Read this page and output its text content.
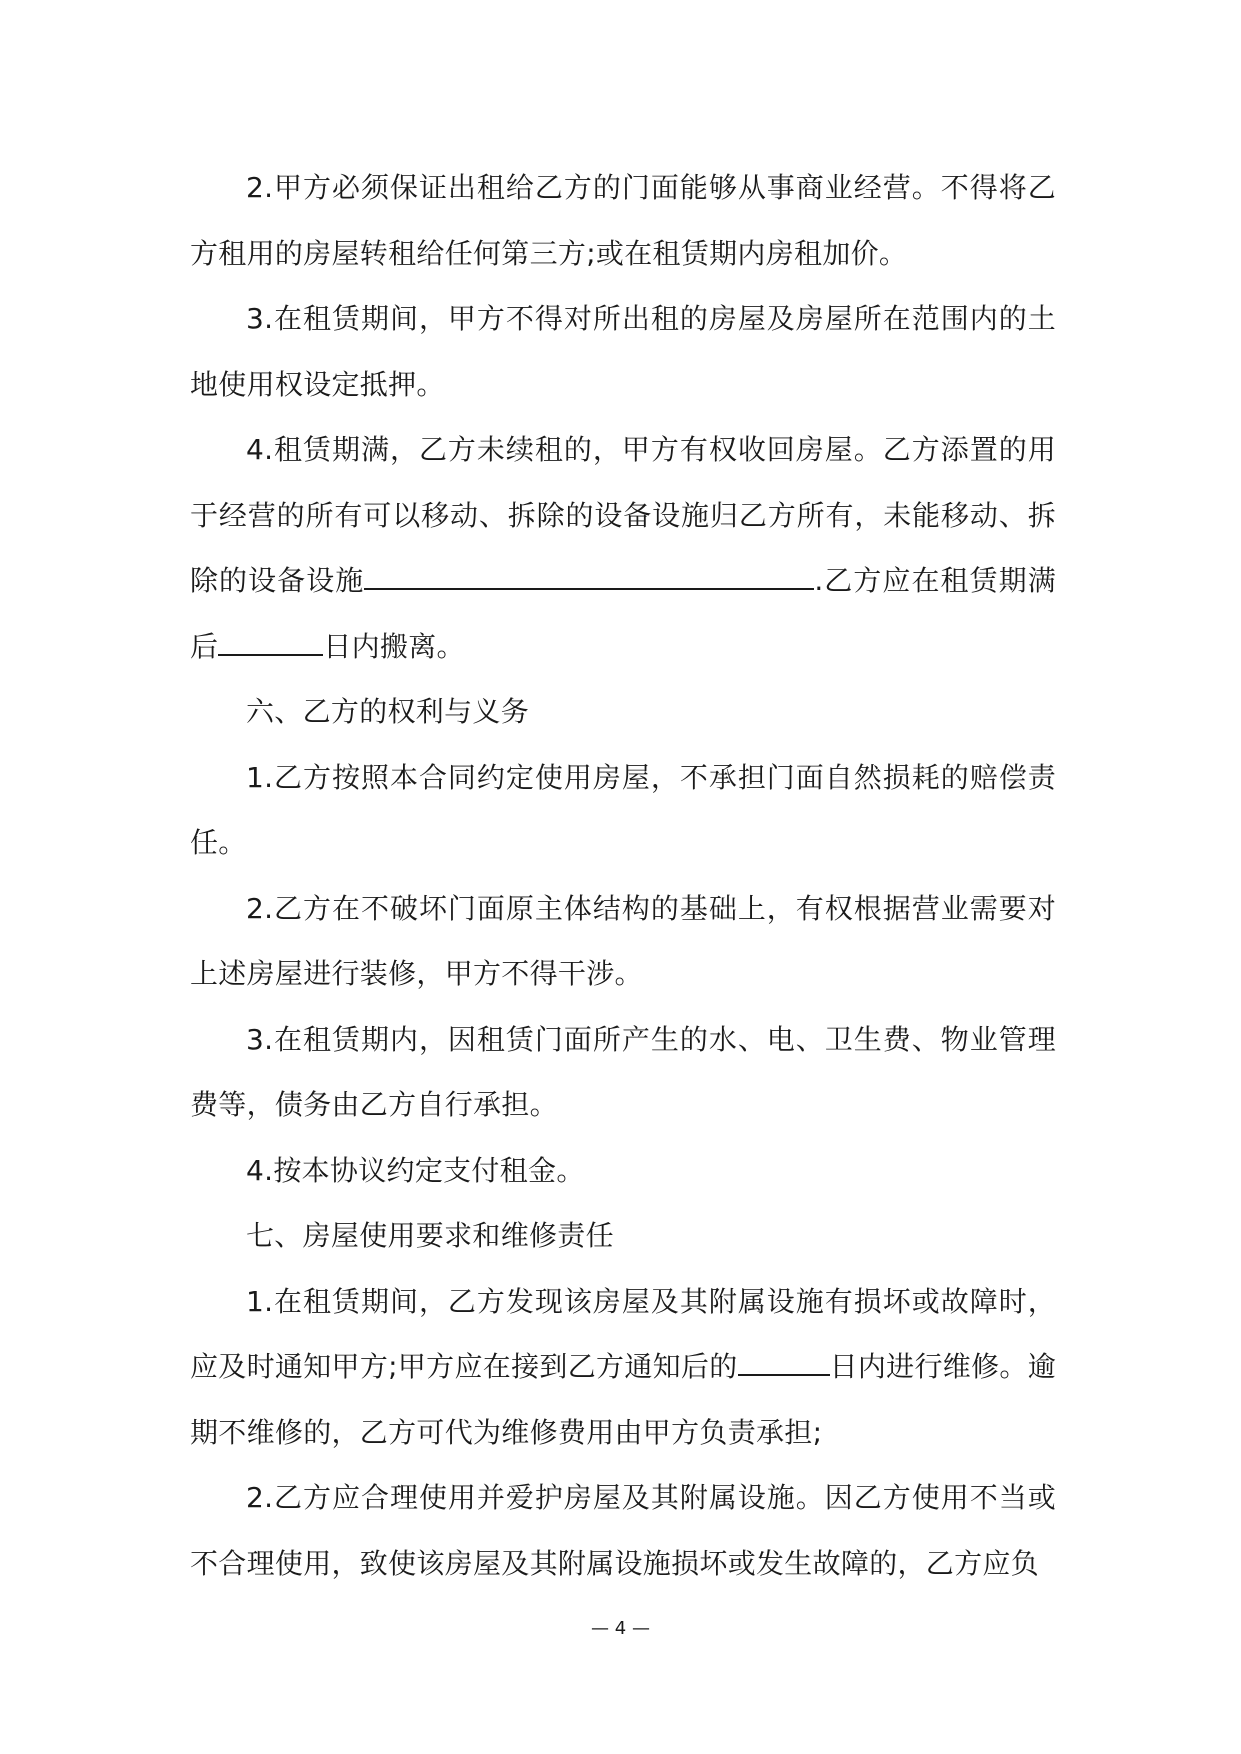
2.甲方必须保证出租给乙方的门面能够从事商业经营。不得将乙方租用的房屋转租给任何第三方;或在租赁期内房租加价。

3.在租赁期间，甲方不得对所出租的房屋及房屋所在范围内的土地使用权设定抵押。

4.租赁期满，乙方未续租的，甲方有权收回房屋。乙方添置的用于经营的所有可以移动、拆除的设备设施归乙方所有，未能移动、拆除的设备设施	.乙方应在租赁期满后	日内搬离。

六、乙方的权利与义务

1.乙方按照本合同约定使用房屋，不承担门面自然损耗的赔偿责任。

2.乙方在不破坏门面原主体结构的基础上，有权根据营业需要对上述房屋进行装修，甲方不得干涉。

3.在租赁期内，因租赁门面所产生的水、电、卫生费、物业管理费等，债务由乙方自行承担。

4.按本协议约定支付租金。

七、房屋使用要求和维修责任

1.在租赁期间，乙方发现该房屋及其附属设施有损坏或故障时，应及时通知甲方;甲方应在接到乙方通知后的	日内进行维修。逾期不维修的，乙方可代为维修费用由甲方负责承担;

2.乙方应合理使用并爱护房屋及其附属设施。因乙方使用不当或不合理使用，致使该房屋及其附属设施损坏或发生故障的，乙方应负

— 4 —
